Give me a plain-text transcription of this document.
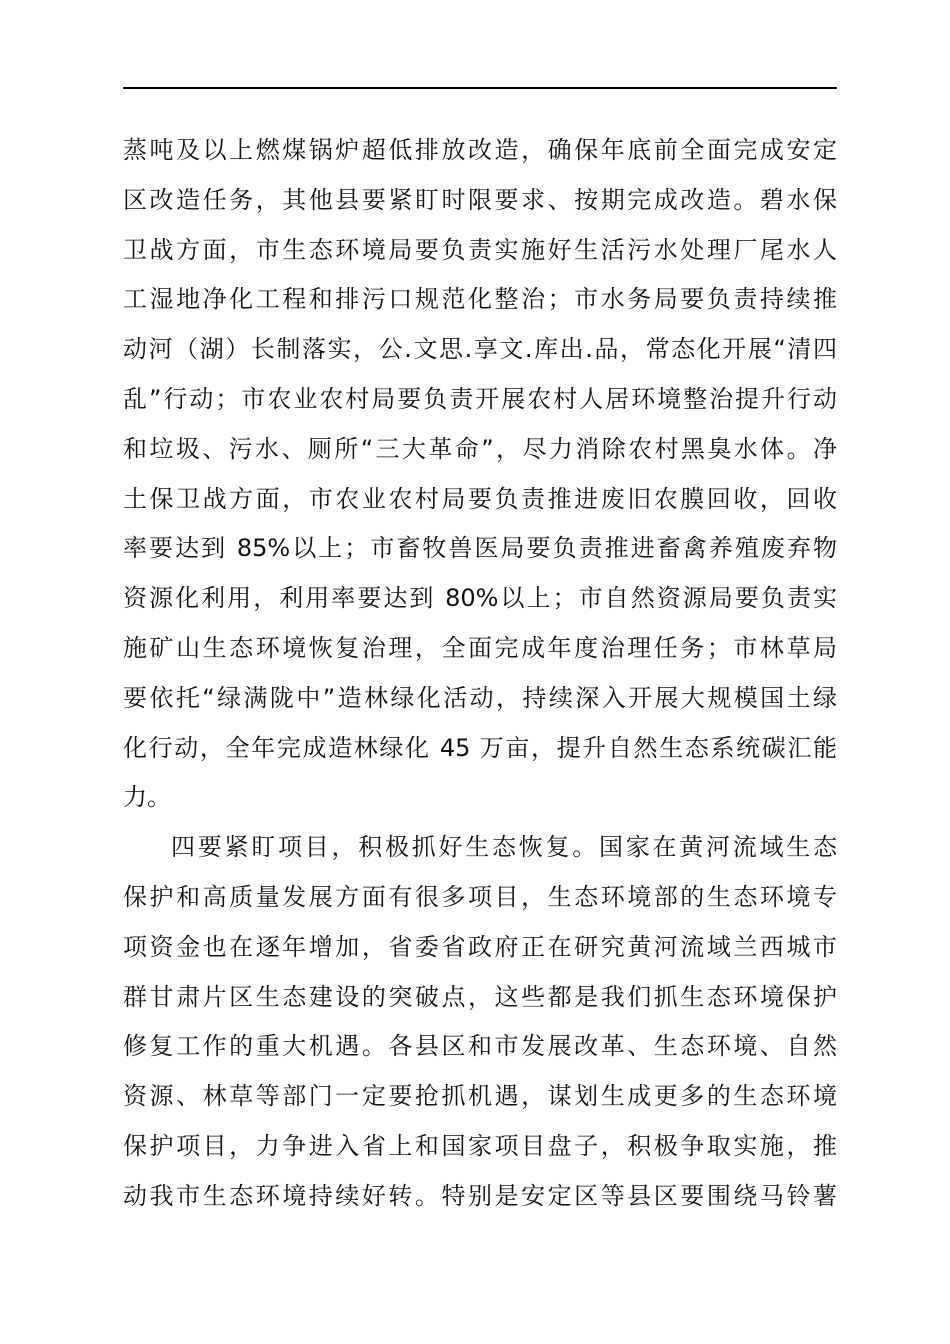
蒸吨及以上燃煤锅炉超低排放改造，确保年底前全面完成安定
区改造任务，其他县要紧盯时限要求、按期完成改造。碧水保
卫战方面，市生态环境局要负责实施好生活污水处理厂尾水人
工湿地净化工程和排污口规范化整治；市水务局要负责持续推
动河（湖）长制落实，公.文思.享文.库出.品，常态化开展“清四
乱”行动；市农业农村局要负责开展农村人居环境整治提升行动
和垃圾、污水、厕所“三大革命”，尽力消除农村黑臭水体。净
土保卫战方面，市农业农村局要负责推进废旧农膜回收，回收
率要达到 85%以上；市畜牧兽医局要负责推进畜禽养殖废弃物
资源化利用，利用率要达到 80%以上；市自然资源局要负责实
施矿山生态环境恢复治理，全面完成年度治理任务；市林草局
要依托“绿满陇中”造林绿化活动，持续深入开展大规模国土绿
化行动，全年完成造林绿化 45 万亩，提升自然生态系统碳汇能
力。
四要紧盯项目，积极抓好生态恢复。国家在黄河流域生态
保护和高质量发展方面有很多项目，生态环境部的生态环境专
项资金也在逐年增加，省委省政府正在研究黄河流域兰西城市
群甘肃片区生态建设的突破点，这些都是我们抓生态环境保护
修复工作的重大机遇。各县区和市发展改革、生态环境、自然
资源、林草等部门一定要抢抓机遇，谋划生成更多的生态环境
保护项目，力争进入省上和国家项目盘子，积极争取实施，推
动我市生态环境持续好转。特别是安定区等县区要围绕马铃薯
